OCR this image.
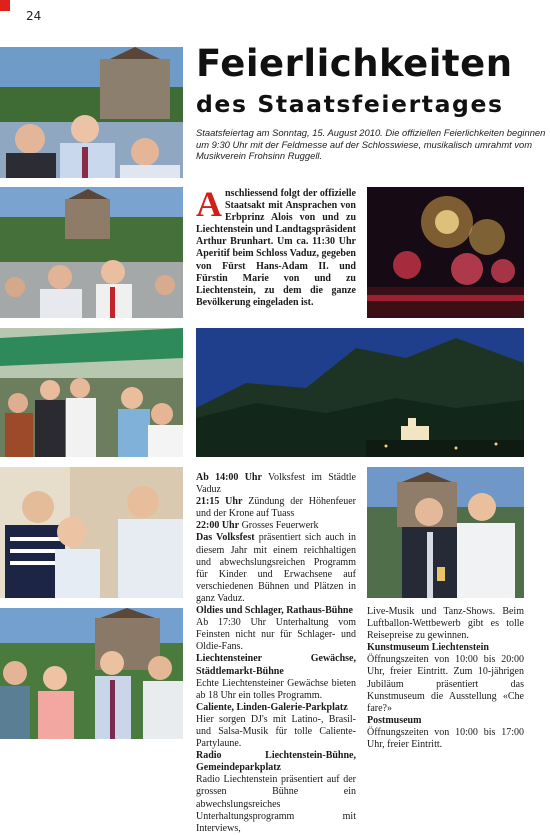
24
Feierlichkeiten
des Staatsfeiertages
Staatsfeiertag am Sonntag, 15. August 2010. Die offiziellen Feierlichkeiten beginnen um 9:30 Uhr mit der Feldmesse auf der Schlosswiese, musikalisch umrahmt vom Musikverein Frohsinn Ruggell.
Anschliessend folgt der offizielle Staatsakt mit Ansprachen von Erbprinz Alois von und zu Liechtenstein und Landtagspräsident Arthur Brunhart. Um ca. 11:30 Uhr Aperitif beim Schloss Vaduz, gegeben von Fürst Hans-Adam II. und Fürstin Marie von und zu Liechtenstein, zu dem die ganze Bevölkerung eingeladen ist.
Ab 14:00 Uhr Volksfest im Städtle Vaduz
21:15 Uhr Zündung der Höhenfeuer und der Krone auf Tuass
22:00 Uhr Grosses Feuerwerk
Das Volksfest präsentiert sich auch in diesem Jahr mit einem reichhaltigen und abwechslungsreichen Programm für Kinder und Erwachsene auf verschiedenen Bühnen und Plätzen in ganz Vaduz.
Oldies und Schlager, Rathaus-Bühne
Ab 17:30 Uhr Unterhaltung vom Feinsten nicht nur für Schlager- und Oldie-Fans.
Liechtensteiner Gewächse, Städtlemarkt-Bühne
Echte Liechtensteiner Gewächse bieten ab 18 Uhr ein tolles Programm.
Caliente, Linden-Galerie-Parkplatz
Hier sorgen DJ's mit Latino-, Brasil- und Salsa-Musik für tolle Caliente-Partylaune.
Radio Liechtenstein-Bühne, Gemeindeparkplatz
Radio Liechtenstein präsentiert auf der grossen Bühne ein abwechslungsreiches Unterhaltungsprogramm mit Interviews,
Live-Musik und Tanz-Shows. Beim Luftballon-Wettbewerb gibt es tolle Reisepreise zu gewinnen.
Kunstmuseum Liechtenstein
Öffnungszeiten von 10:00 bis 20:00 Uhr, freier Eintritt. Zum 10-jährigen Jubiläum präsentiert das Kunstmuseum die Ausstellung «Che fare?»
Postmuseum
Öffnungszeiten von 10:00 bis 17:00 Uhr, freier Eintritt.
